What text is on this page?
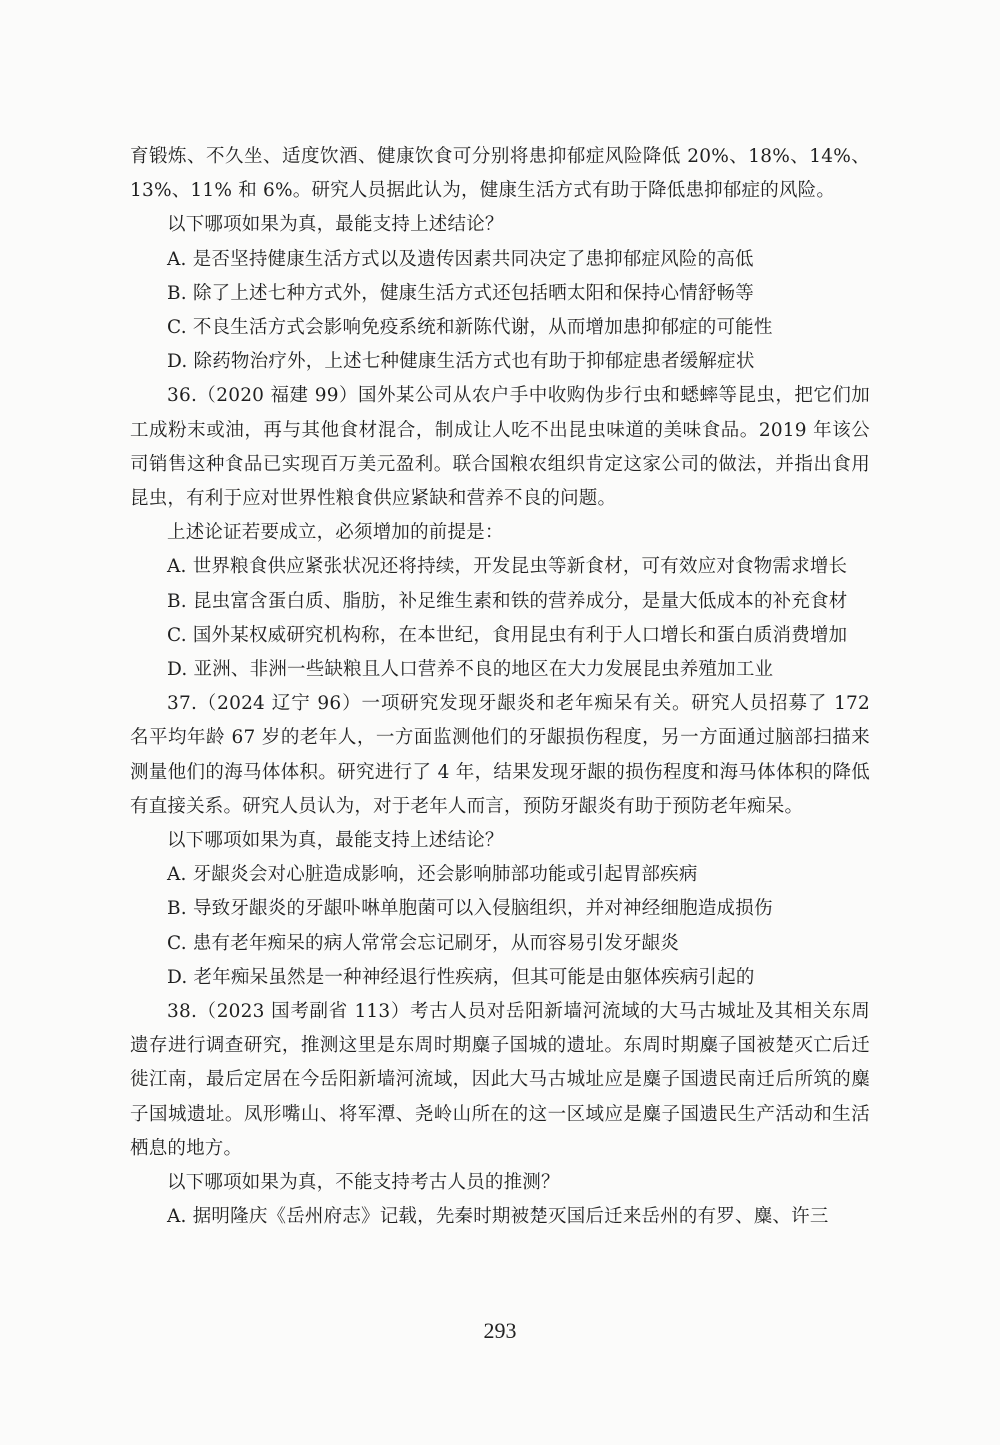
育锻炼、不久坐、适度饮酒、健康饮食可分别将患抑郁症风险降低 20%、18%、14%、13%、11% 和 6%。研究人员据此认为，健康生活方式有助于降低患抑郁症的风险。

以下哪项如果为真，最能支持上述结论？

A. 是否坚持健康生活方式以及遗传因素共同决定了患抑郁症风险的高低

B. 除了上述七种方式外，健康生活方式还包括晒太阳和保持心情舒畅等

C. 不良生活方式会影响免疫系统和新陈代谢，从而增加患抑郁症的可能性

D. 除药物治疗外，上述七种健康生活方式也有助于抑郁症患者缓解症状

36.（2020 福建 99）国外某公司从农户手中收购伪步行虫和蟋蟀等昆虫，把它们加工成粉末或油，再与其他食材混合，制成让人吃不出昆虫味道的美味食品。2019 年该公司销售这种食品已实现百万美元盈利。联合国粮农组织肯定这家公司的做法，并指出食用昆虫，有利于应对世界性粮食供应紧缺和营养不良的问题。

上述论证若要成立，必须增加的前提是：

A. 世界粮食供应紧张状况还将持续，开发昆虫等新食材，可有效应对食物需求增长

B. 昆虫富含蛋白质、脂肪，补足维生素和铁的营养成分，是量大低成本的补充食材

C. 国外某权威研究机构称，在本世纪，食用昆虫有利于人口增长和蛋白质消费增加

D. 亚洲、非洲一些缺粮且人口营养不良的地区在大力发展昆虫养殖加工业

37.（2024 辽宁 96）一项研究发现牙龈炎和老年痴呆有关。研究人员招募了 172 名平均年龄 67 岁的老年人，一方面监测他们的牙龈损伤程度，另一方面通过脑部扫描来测量他们的海马体体积。研究进行了 4 年，结果发现牙龈的损伤程度和海马体体积的降低有直接关系。研究人员认为，对于老年人而言，预防牙龈炎有助于预防老年痴呆。

以下哪项如果为真，最能支持上述结论？

A. 牙龈炎会对心脏造成影响，还会影响肺部功能或引起胃部疾病

B. 导致牙龈炎的牙龈卟啉单胞菌可以入侵脑组织，并对神经细胞造成损伤

C. 患有老年痴呆的病人常常会忘记刷牙，从而容易引发牙龈炎

D. 老年痴呆虽然是一种神经退行性疾病，但其可能是由躯体疾病引起的

38.（2023 国考副省 113）考古人员对岳阳新墙河流域的大马古城址及其相关东周遗存进行调查研究，推测这里是东周时期麋子国城的遗址。东周时期麋子国被楚灭亡后迁徙江南，最后定居在今岳阳新墙河流域，因此大马古城址应是麋子国遗民南迁后所筑的麋子国城遗址。凤形嘴山、将军潭、尧岭山所在的这一区域应是麋子国遗民生产活动和生活栖息的地方。

以下哪项如果为真，不能支持考古人员的推测？

A. 据明隆庆《岳州府志》记载，先秦时期被楚灭国后迁来岳州的有罗、麋、许三

293
